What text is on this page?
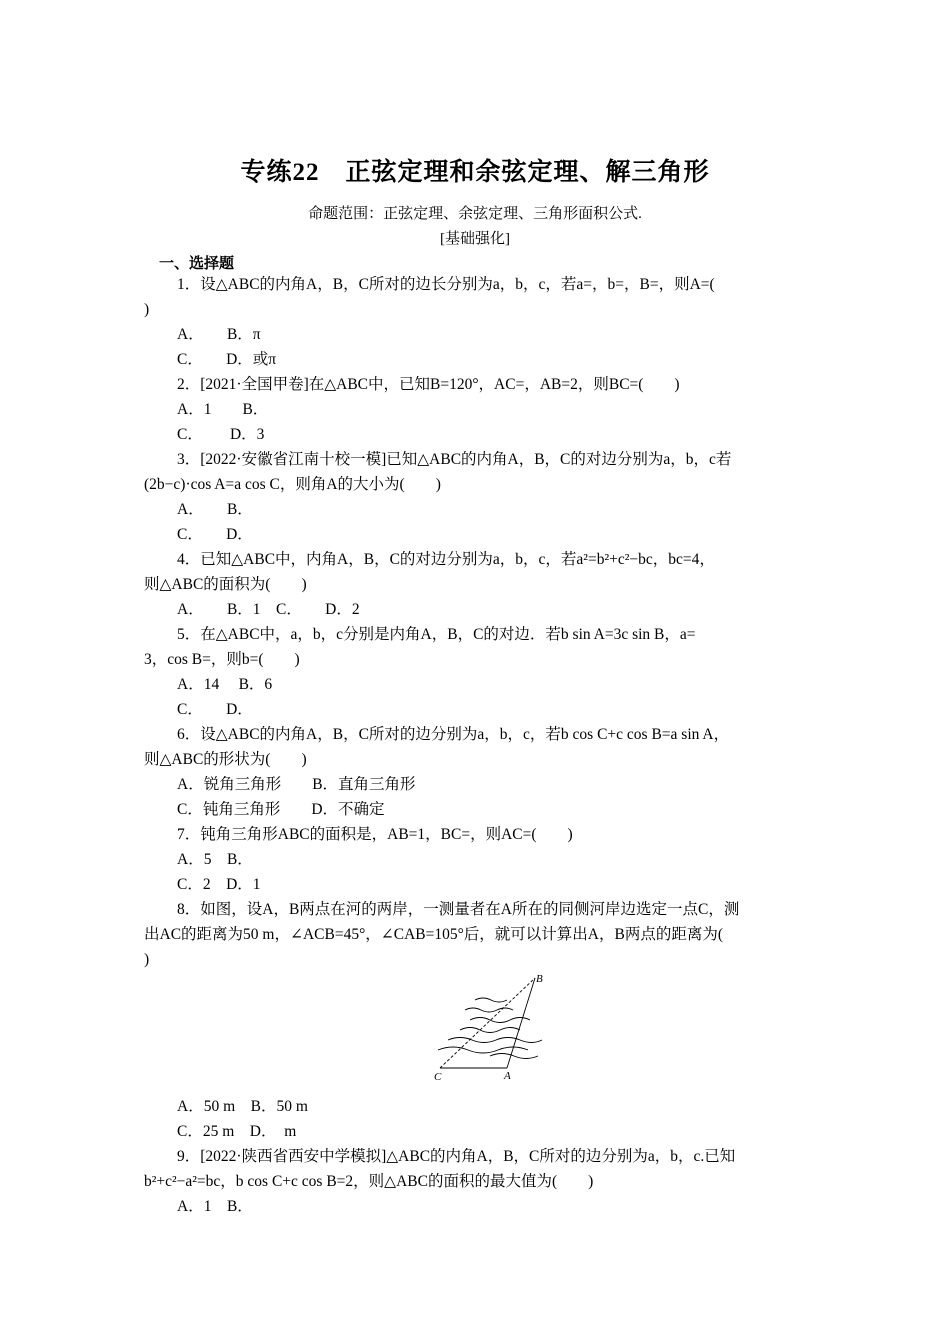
专练22　正弦定理和余弦定理、解三角形
命题范围：正弦定理、余弦定理、三角形面积公式.
[基础强化]
一、选择题
1．设△ABC的内角A，B，C所对的边长分别为a，b，c，若a=，b=，B=，则A=(
)
A．　　B．π
C．　　D．或π
2．[2021·全国甲卷]在△ABC中，已知B=120°，AC=，AB=2，则BC=(　　)
A．1　　B．
C．　　 D．3
3．[2022·安徽省江南十校一模]已知△ABC的内角A，B，C的对边分别为a，b，c若
(2b−c)·cos A=a cos C，则角A的大小为(　　)
A．　　B．
C．　　D．
4．已知△ABC中，内角A，B，C的对边分别为a，b，c，若a²=b²+c²−bc，bc=4，
则△ABC的面积为(　　)
A．　　B．1　C．　　D．2
5．在△ABC中，a，b，c分别是内角A，B，C的对边．若b sin A=3c sin B，a=
3，cos B=，则b=(　　)
A．14　 B．6
C．　　D．
6．设△ABC的内角A，B，C所对的边分别为a，b，c，若b cos C+c cos B=a sin A，
则△ABC的形状为(　　)
A．锐角三角形　　B．直角三角形
C．钝角三角形　　D．不确定
7．钝角三角形ABC的面积是，AB=1，BC=，则AC=(　　)
A．5　B．
C．2　D．1
8．如图，设A，B两点在河的两岸，一测量者在A所在的同侧河岸边选定一点C，测
出AC的距离为50 m，∠ACB=45°，∠CAB=105°后，就可以计算出A，B两点的距离为(
)
B
C	A
A．50 m　B．50 m
C．25 m　D．　m
9．[2022·陕西省西安中学模拟]△ABC的内角A，B，C所对的边分别为a，b，c.已知
b²+c²−a²=bc，b cos C+c cos B=2，则△ABC的面积的最大值为(　　)
A．1　B．
